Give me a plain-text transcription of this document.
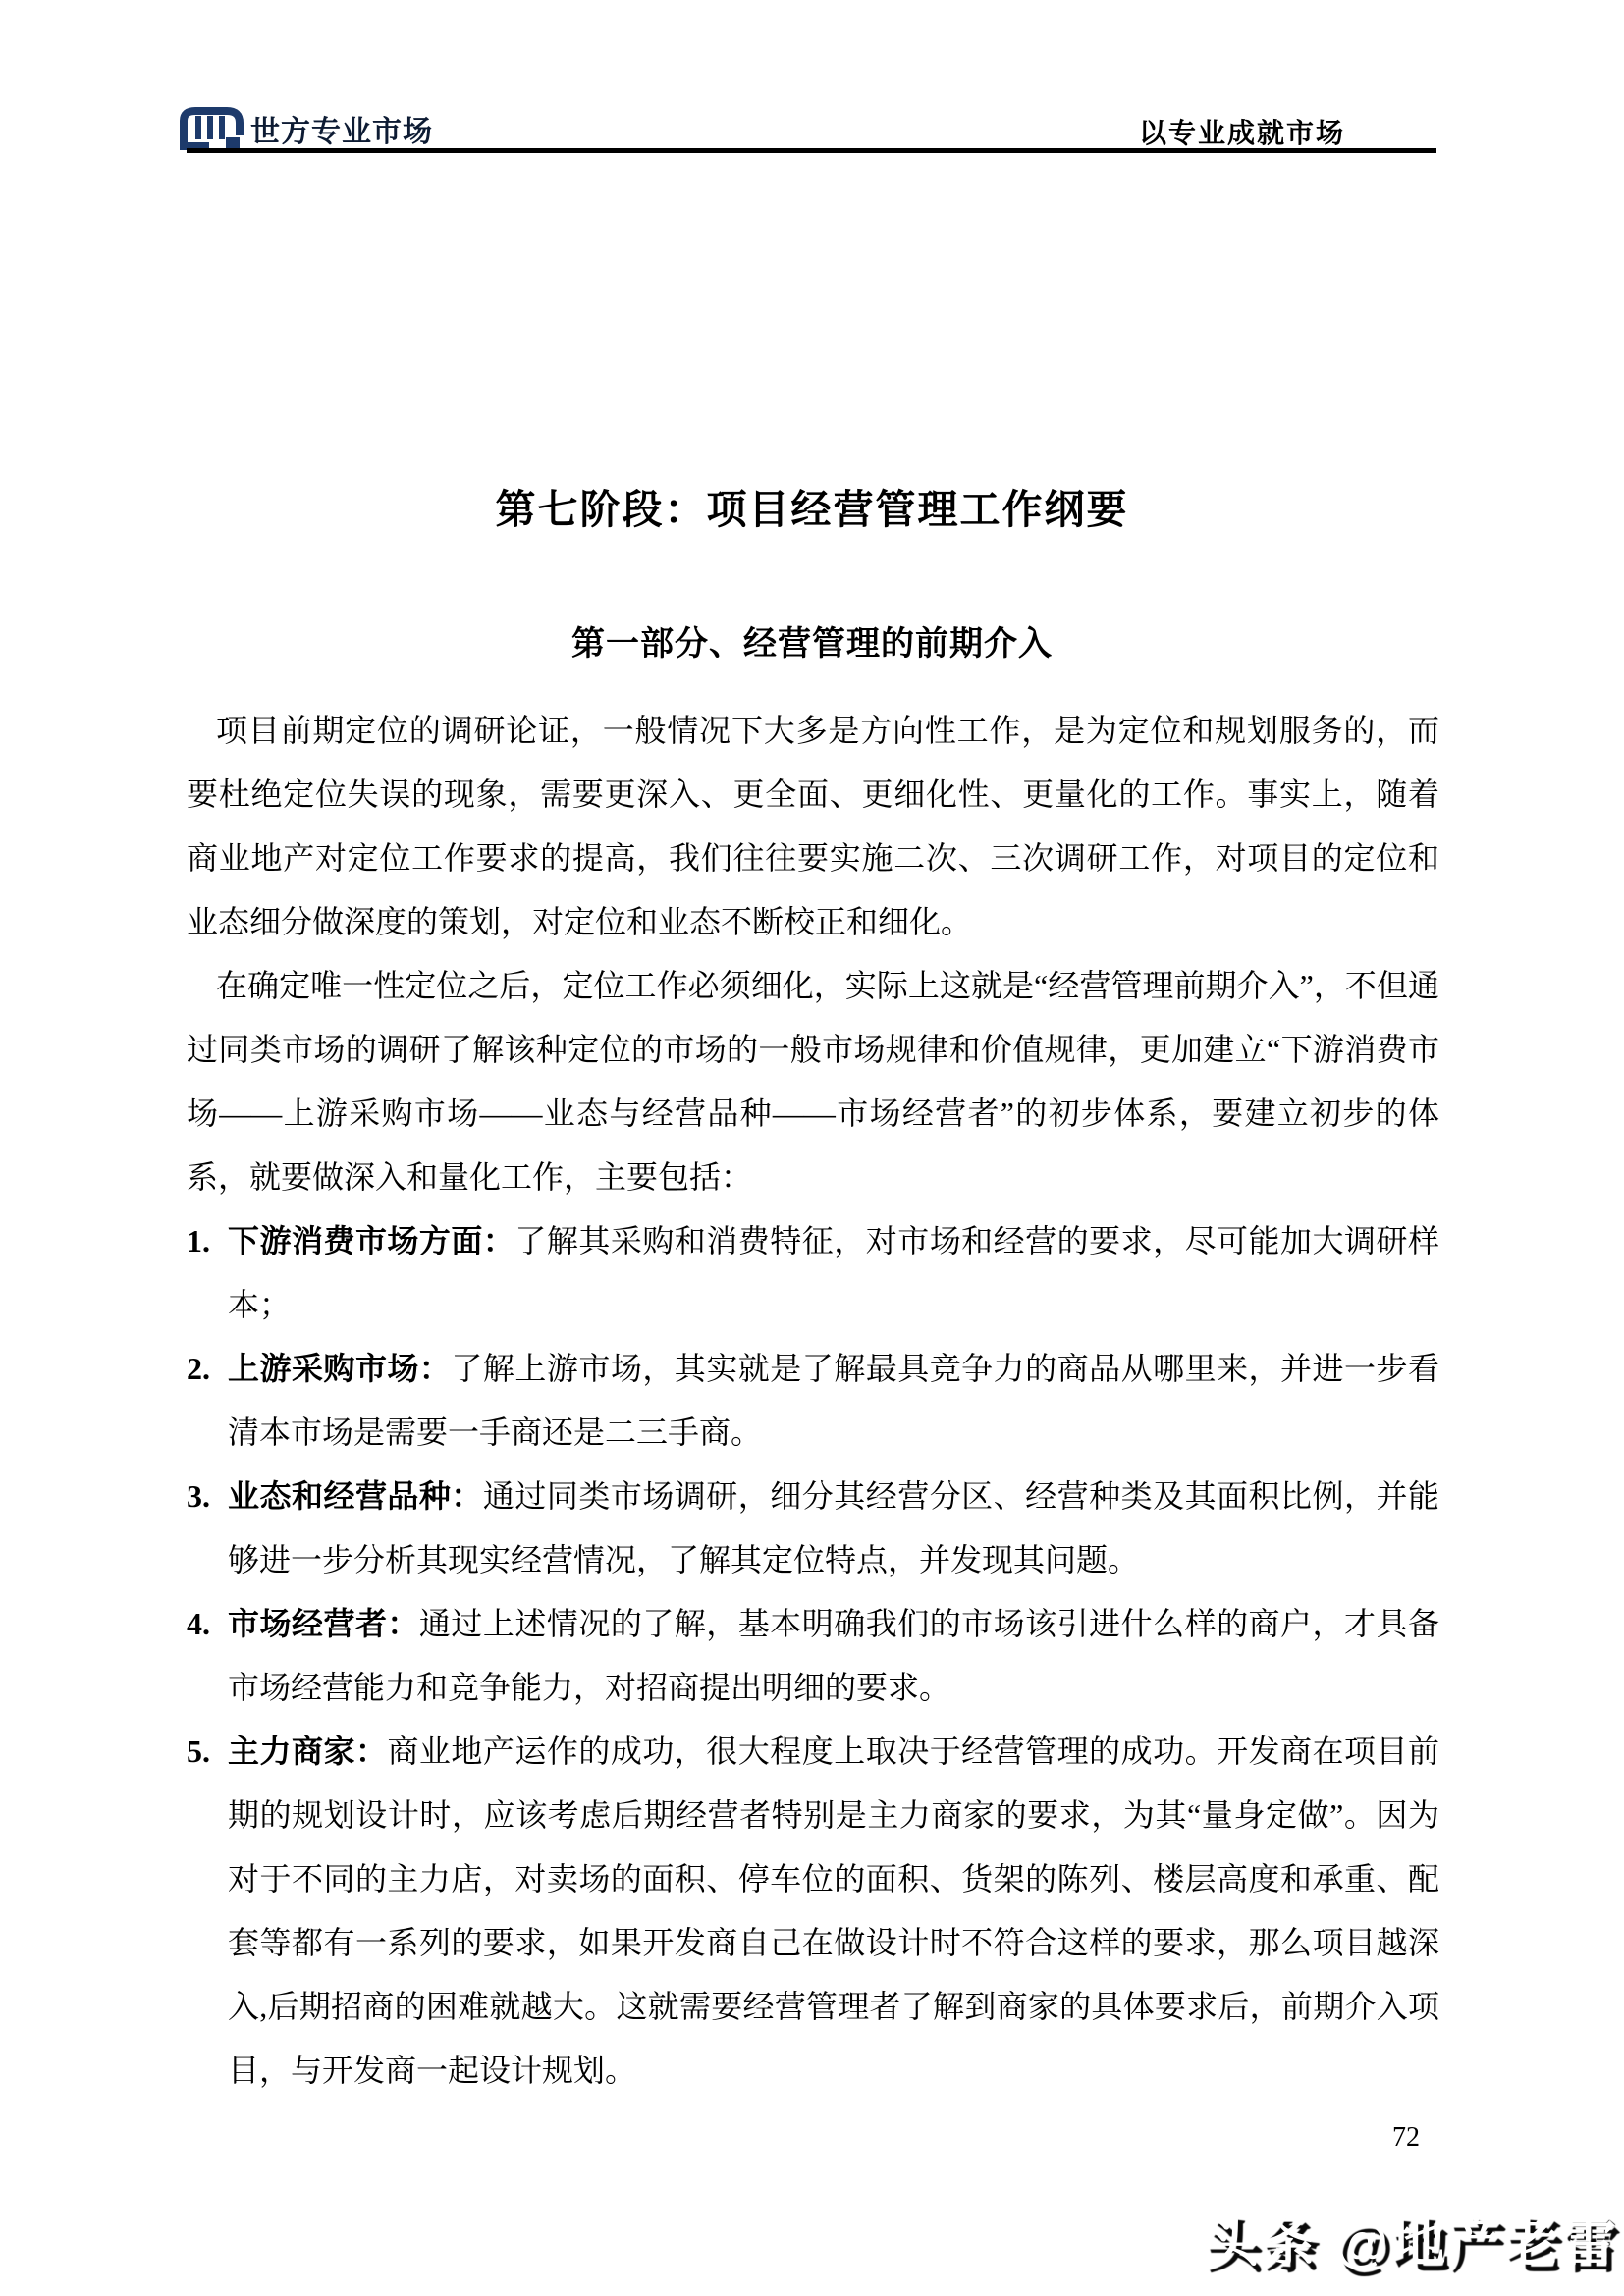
世方专业市场	以专业成就市场
第七阶段：项目经营管理工作纲要
第一部分、经营管理的前期介入

项目前期定位的调研论证，一般情况下大多是方向性工作，是为定位和规划服务的，而要杜绝定位失误的现象，需要更深入、更全面、更细化性、更量化的工作。事实上，随着商业地产对定位工作要求的提高，我们往往要实施二次、三次调研工作，对项目的定位和业态细分做深度的策划，对定位和业态不断校正和细化。

在确定唯一性定位之后，定位工作必须细化，实际上这就是“经营管理前期介入”，不但通过同类市场的调研了解该种定位的市场的一般市场规律和价值规律，更加建立“下游消费市场——上游采购市场——业态与经营品种——市场经营者”的初步体系，要建立初步的体系，就要做深入和量化工作，主要包括：

1. 下游消费市场方面：了解其采购和消费特征，对市场和经营的要求，尽可能加大调研样本；
2. 上游采购市场：了解上游市场，其实就是了解最具竞争力的商品从哪里来，并进一步看清本市场是需要一手商还是二三手商。
3. 业态和经营品种：通过同类市场调研，细分其经营分区、经营种类及其面积比例，并能够进一步分析其现实经营情况，了解其定位特点，并发现其问题。
4. 市场经营者：通过上述情况的了解，基本明确我们的市场该引进什么样的商户，才具备市场经营能力和竞争能力，对招商提出明细的要求。
5. 主力商家：商业地产运作的成功，很大程度上取决于经营管理的成功。开发商在项目前期的规划设计时，应该考虑后期经营者特别是主力商家的要求，为其“量身定做”。因为对于不同的主力店，对卖场的面积、停车位的面积、货架的陈列、楼层高度和承重、配套等都有一系列的要求，如果开发商自己在做设计时不符合这样的要求，那么项目越深入,后期招商的困难就越大。这就需要经营管理者了解到商家的具体要求后，前期介入项目，与开发商一起设计规划。
72
头条 @地产老雷
